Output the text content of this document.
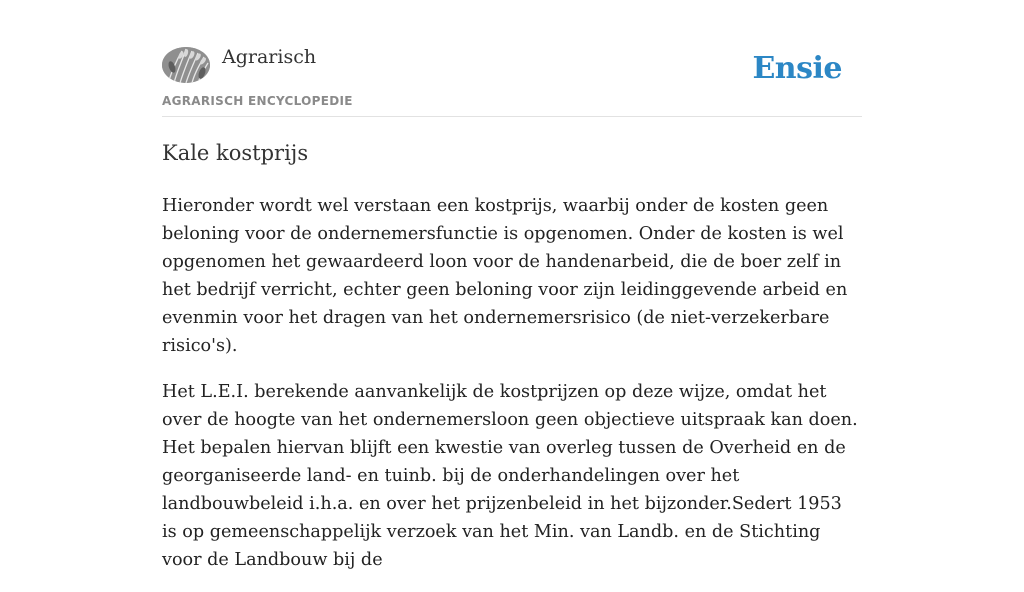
Agrarisch
AGRARISCH ENCYCLOPEDIE
Ensie
Kale kostprijs

Hieronder wordt wel verstaan een kostprijs, waarbij onder de kosten geen beloning voor de ondernemersfunctie is opgenomen. Onder de kosten is wel opgenomen het gewaardeerd loon voor de handenarbeid, die de boer zelf in het bedrijf verricht, echter geen beloning voor zijn leidinggevende arbeid en evenmin voor het dragen van het ondernemersrisico (de niet-verzekerbare risico's).

Het L.E.I. berekende aanvankelijk de kostprijzen op deze wijze, omdat het over de hoogte van het ondernemersloon geen objectieve uitspraak kan doen. Het bepalen hiervan blijft een kwestie van overleg tussen de Overheid en de georganiseerde land- en tuinb. bij de onderhandelingen over het landbouwbeleid i.h.a. en over het prijzenbeleid in het bijzonder.Sedert 1953 is op gemeenschappelijk verzoek van het Min. van Landb. en de Stichting voor de Landbouw bij de
